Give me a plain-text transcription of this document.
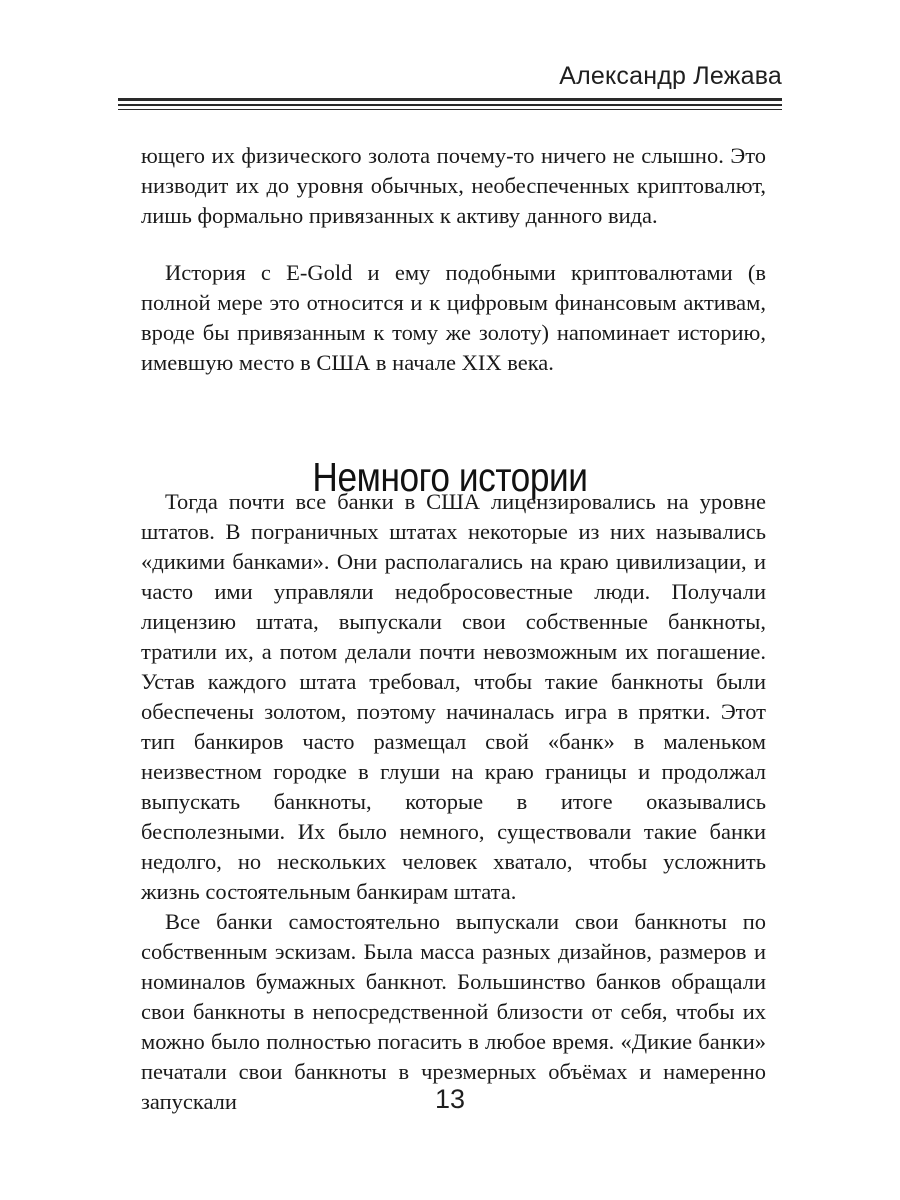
Александр Лежава

ющего их физического золота почему-то ничего не слышно. Это низводит их до уровня обычных, необеспеченных криптовалют, лишь формально привязанных к активу данного вида.

История с E-Gold и ему подобными криптовалютами (в полной мере это относится и к цифровым финансовым активам, вроде бы привязанным к тому же золоту) напоминает историю, имевшую место в США в начале XIX века.

Немного истории

Тогда почти все банки в США лицензировались на уровне штатов. В пограничных штатах некоторые из них назывались «дикими банками». Они располагались на краю цивилизации, и часто ими управляли недобросовестные люди. Получали лицензию штата, выпускали свои собственные банкноты, тратили их, а потом делали почти невозможным их погашение. Устав каждого штата требовал, чтобы такие банкноты были обеспечены золотом, поэтому начиналась игра в прятки. Этот тип банкиров часто размещал свой «банк» в маленьком неизвестном городке в глуши на краю границы и продолжал выпускать банкноты, которые в итоге оказывались бесполезными. Их было немного, существовали такие банки недолго, но нескольких человек хватало, чтобы усложнить жизнь состоятельным банкирам штата.

Все банки самостоятельно выпускали свои банкноты по собственным эскизам. Была масса разных дизайнов, размеров и номиналов бумажных банкнот. Большинство банков обращали свои банкноты в непосредственной близости от себя, чтобы их можно было полностью погасить в любое время. «Дикие банки» печатали свои банкноты в чрезмерных объёмах и намеренно запускали	13
